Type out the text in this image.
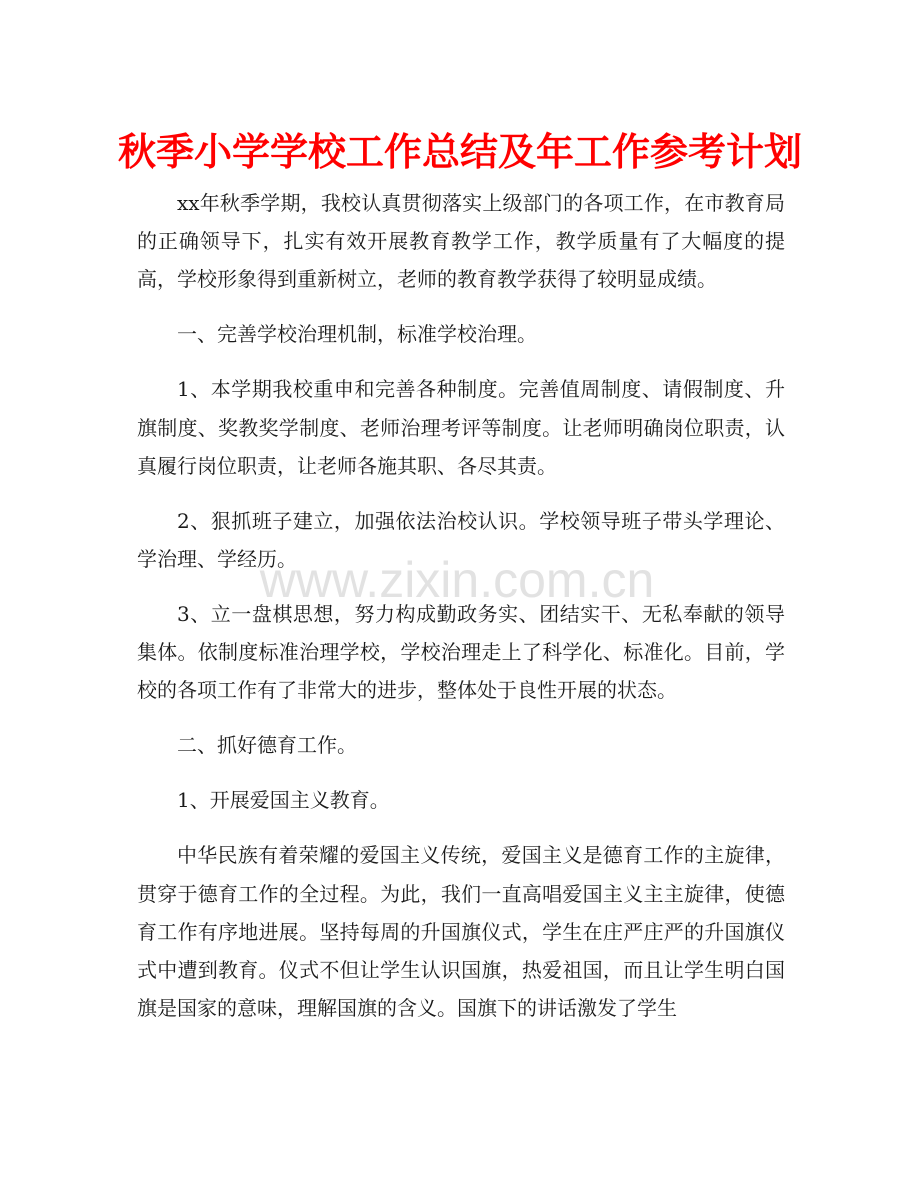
秋季小学学校工作总结及年工作参考计划

xx年秋季学期，我校认真贯彻落实上级部门的各项工作，在市教育局的正确领导下，扎实有效开展教育教学工作，教学质量有了大幅度的提高，学校形象得到重新树立，老师的教育教学获得了较明显成绩。

一、完善学校治理机制，标准学校治理。

1、本学期我校重申和完善各种制度。完善值周制度、请假制度、升旗制度、奖教奖学制度、老师治理考评等制度。让老师明确岗位职责，认真履行岗位职责，让老师各施其职、各尽其责。

2、狠抓班子建立，加强依法治校认识。学校领导班子带头学理论、学治理、学经历。

3、立一盘棋思想，努力构成勤政务实、团结实干、无私奉献的领导集体。依制度标准治理学校，学校治理走上了科学化、标准化。目前，学校的各项工作有了非常大的进步，整体处于良性开展的状态。

二、抓好德育工作。

1、开展爱国主义教育。

中华民族有着荣耀的爱国主义传统，爱国主义是德育工作的主旋律，贯穿于德育工作的全过程。为此，我们一直高唱爱国主义主主旋律，使德育工作有序地进展。坚持每周的升国旗仪式，学生在庄严庄严的升国旗仪式中遭到教育。仪式不但让学生认识国旗，热爱祖国，而且让学生明白国旗是国家的意味，理解国旗的含义。国旗下的讲话激发了学生

www.zixin.com.cn
